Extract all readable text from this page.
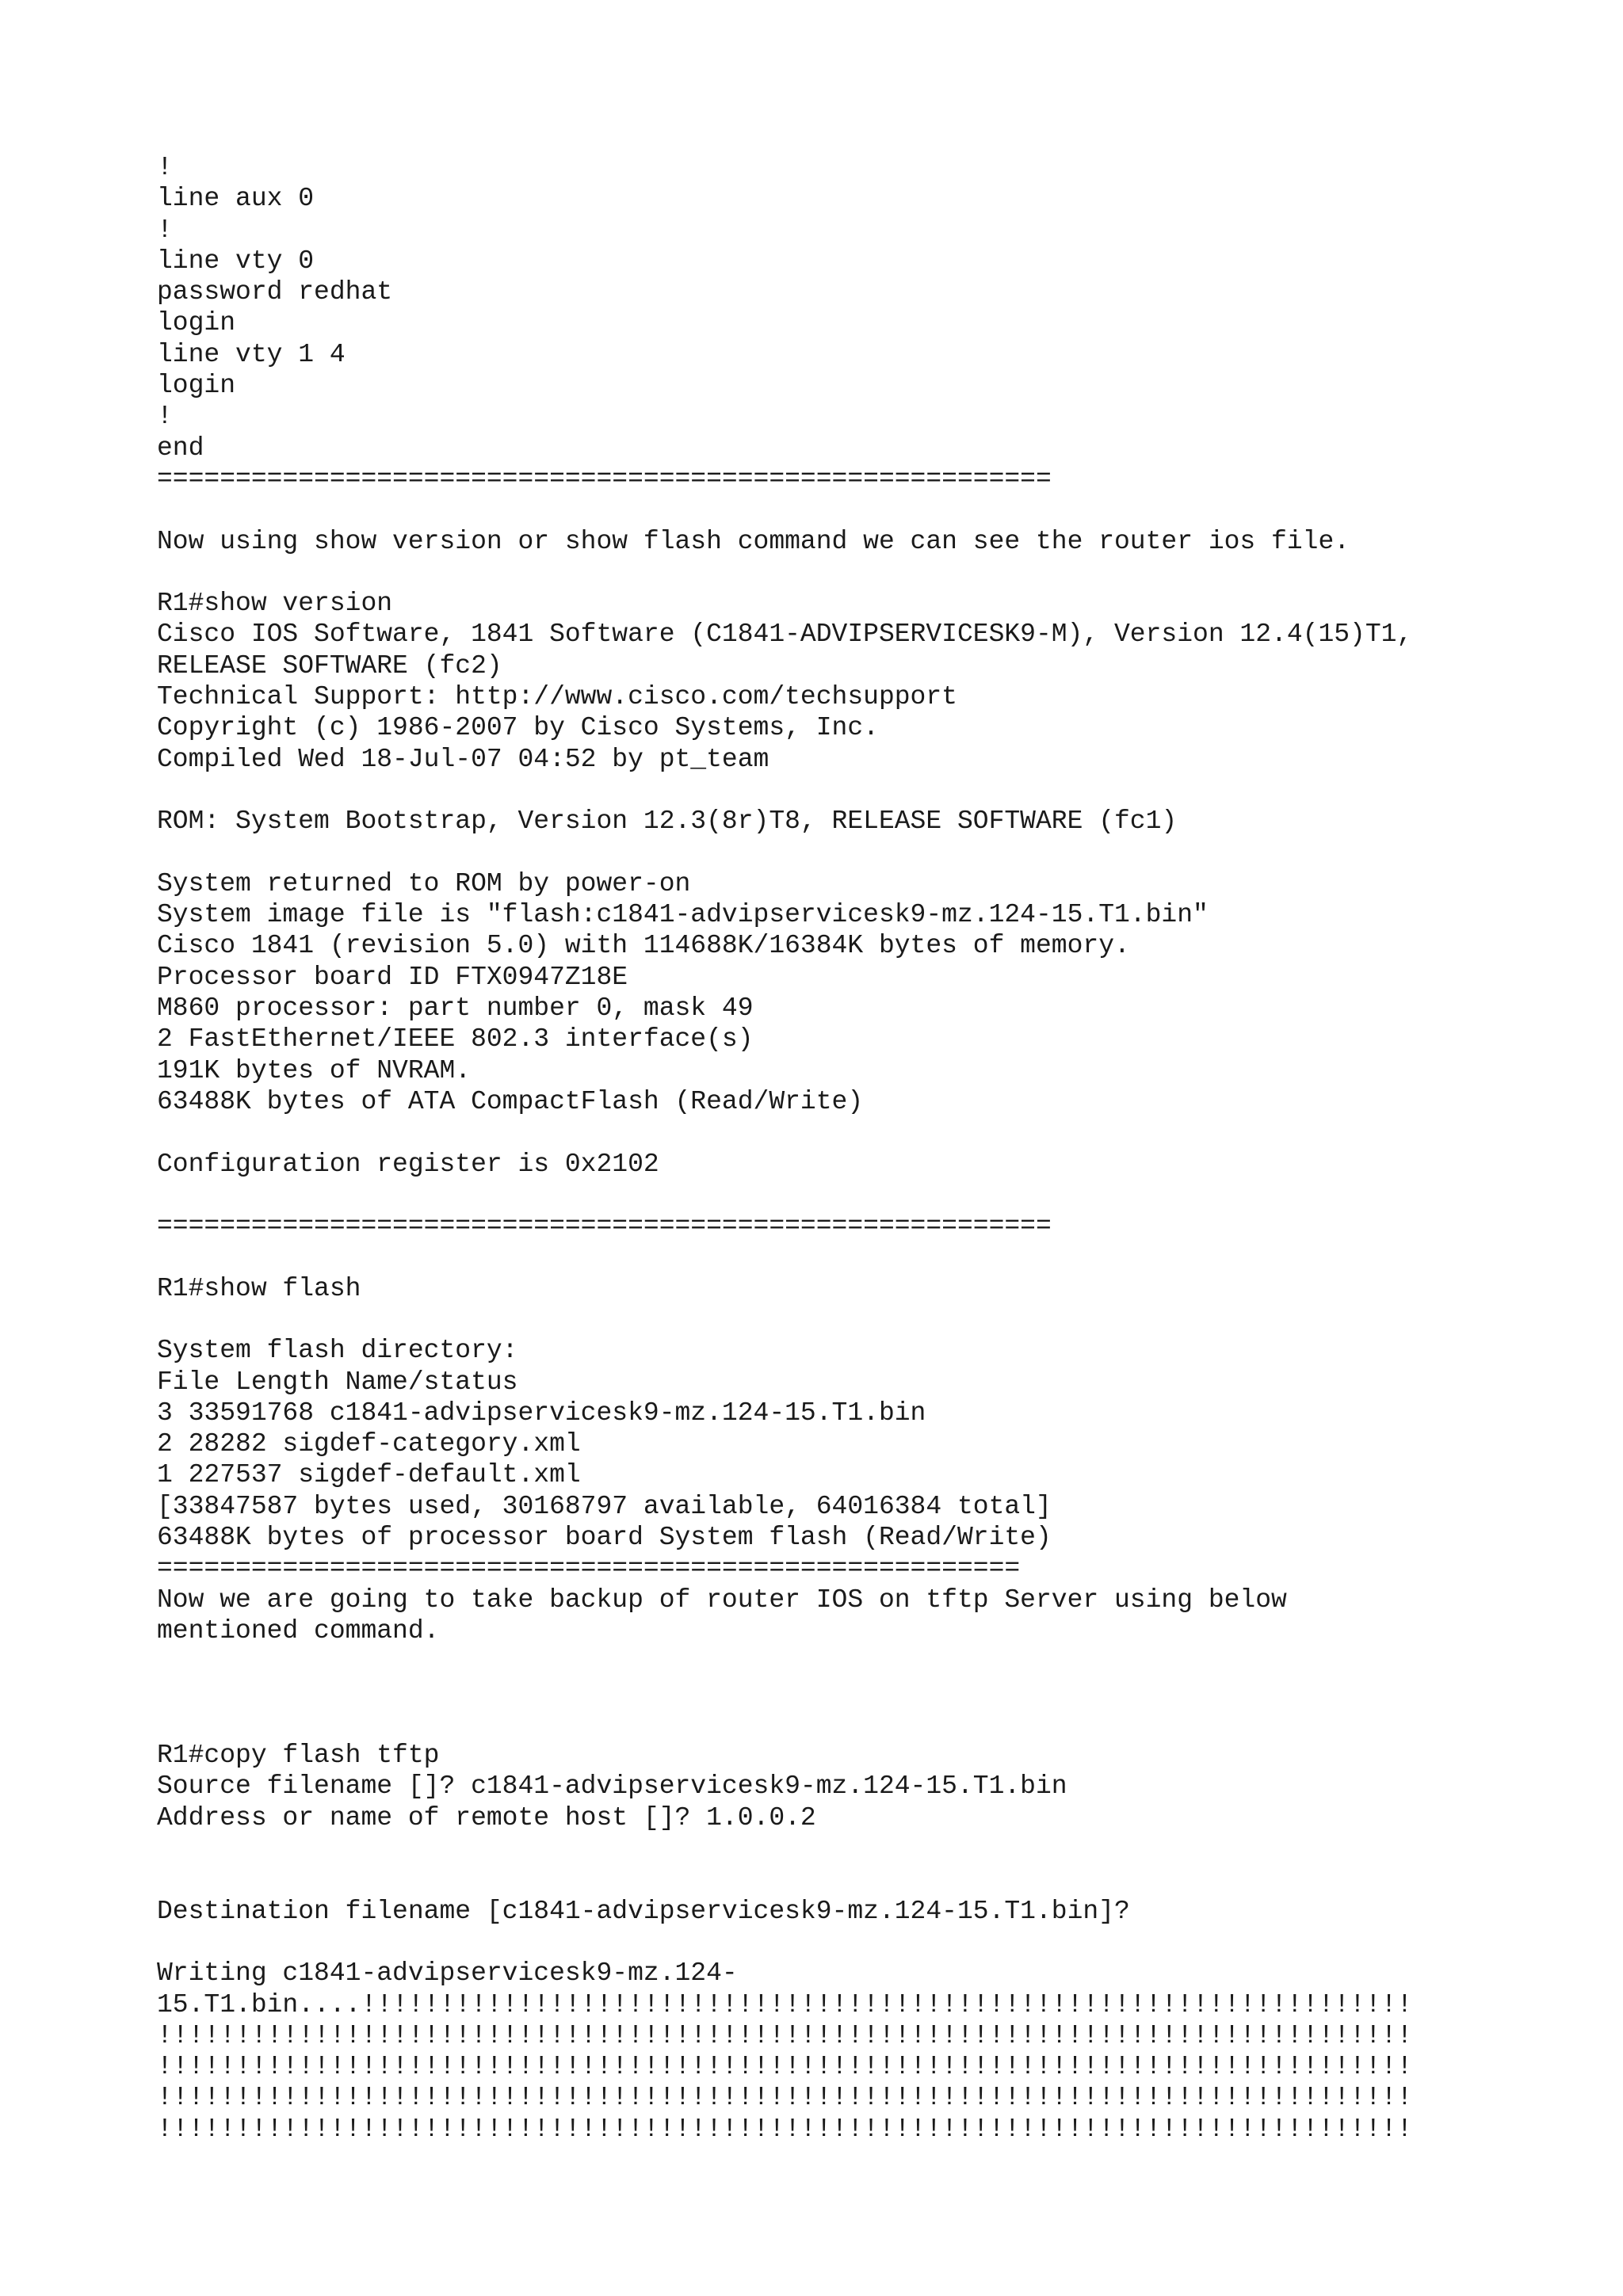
!
line aux 0
!
line vty 0
password redhat
login
line vty 1 4
login
!
end
=========================================================
Now using show version or show flash command we can see the router ios file.
R1#show version
Cisco IOS Software, 1841 Software (C1841-ADVIPSERVICESK9-M), Version 12.4(15)T1,
RELEASE SOFTWARE (fc2)
Technical Support: http://www.cisco.com/techsupport
Copyright (c) 1986-2007 by Cisco Systems, Inc.
Compiled Wed 18-Jul-07 04:52 by pt_team
ROM: System Bootstrap, Version 12.3(8r)T8, RELEASE SOFTWARE (fc1)
System returned to ROM by power-on
System image file is "flash:c1841-advipservicesk9-mz.124-15.T1.bin"
Cisco 1841 (revision 5.0) with 114688K/16384K bytes of memory.
Processor board ID FTX0947Z18E
M860 processor: part number 0, mask 49
2 FastEthernet/IEEE 802.3 interface(s)
191K bytes of NVRAM.
63488K bytes of ATA CompactFlash (Read/Write)
Configuration register is 0x2102
=========================================================
R1#show flash
System flash directory:
File Length Name/status
3 33591768 c1841-advipservicesk9-mz.124-15.T1.bin
2 28282 sigdef-category.xml
1 227537 sigdef-default.xml
[33847587 bytes used, 30168797 available, 64016384 total]
63488K bytes of processor board System flash (Read/Write)
=======================================================
Now we are going to take backup of router IOS on tftp Server using below
mentioned command.
R1#copy flash tftp
Source filename []? c1841-advipservicesk9-mz.124-15.T1.bin
Address or name of remote host []? 1.0.0.2
Destination filename [c1841-advipservicesk9-mz.124-15.T1.bin]?
Writing c1841-advipservicesk9-mz.124-
15.T1.bin....!!!!!!!!!!!!!!!!!!!!!!!!!!!!!!!!!!!!!!!!!!!!!!!!!!!!!!!!!!!!!!!!!!!
!!!!!!!!!!!!!!!!!!!!!!!!!!!!!!!!!!!!!!!!!!!!!!!!!!!!!!!!!!!!!!!!!!!!!!!!!!!!!!!!
!!!!!!!!!!!!!!!!!!!!!!!!!!!!!!!!!!!!!!!!!!!!!!!!!!!!!!!!!!!!!!!!!!!!!!!!!!!!!!!!
!!!!!!!!!!!!!!!!!!!!!!!!!!!!!!!!!!!!!!!!!!!!!!!!!!!!!!!!!!!!!!!!!!!!!!!!!!!!!!!!
!!!!!!!!!!!!!!!!!!!!!!!!!!!!!!!!!!!!!!!!!!!!!!!!!!!!!!!!!!!!!!!!!!!!!!!!!!!!!!!!
